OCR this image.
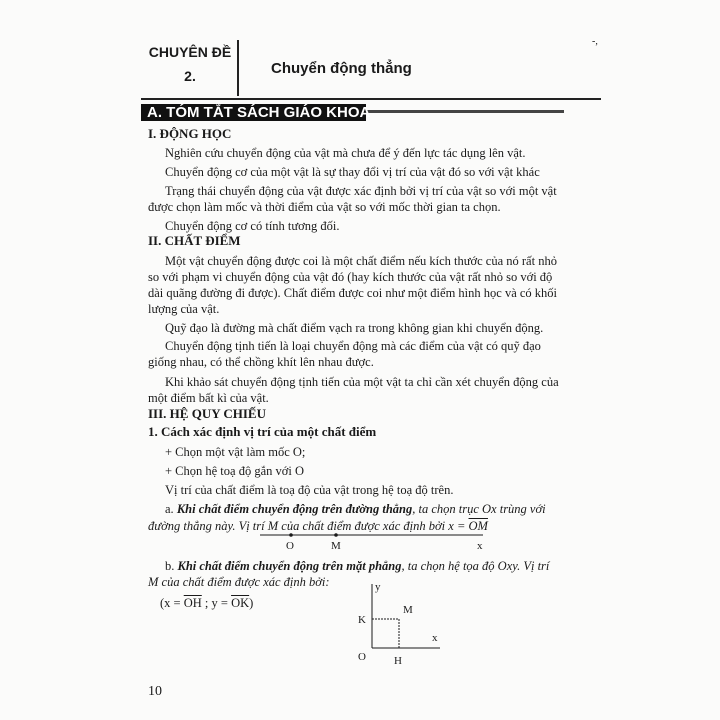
-,
CHUYÊN ĐỀ
2.	Chuyển động thẳng
A. TÓM TẮT SÁCH GIÁO KHOA
I. ĐỘNG HỌC
Nghiên cứu chuyển động của vật mà chưa để ý đến lực tác dụng lên vật.
Chuyển động cơ của một vật là sự thay đổi vị trí của vật đó so với vật khác
Trạng thái chuyển động của vật được xác định bởi vị trí của vật so với một vật
được chọn làm mốc và thời điểm của vật so với mốc thời gian ta chọn.
Chuyển động cơ có tính tương đối.
II. CHẤT ĐIỂM
Một vật chuyển động được coi là một chất điểm nếu kích thước của nó rất nhỏ
so với phạm vi chuyển động của vật đó (hay kích thước của vật rất nhỏ so với độ
dài quãng đường đi được). Chất điểm được coi như một điểm hình học và có khối
lượng của vật.
Quỹ đạo là đường mà chất điểm vạch ra trong không gian khi chuyển động.
Chuyển động tịnh tiến là loại chuyển động mà các điểm của vật có quỹ đạo
giống nhau, có thể chồng khít lên nhau được.
Khi khảo sát chuyển động tịnh tiến của một vật ta chỉ cần xét chuyển động của
một điểm bất kì của vật.
III. HỆ QUY CHIẾU
1. Cách xác định vị trí của một chất điểm
+ Chọn một vật làm mốc O;
+ Chọn hệ toạ độ gắn với O
Vị trí của chất điểm là toạ độ của vật trong hệ toạ độ trên.
a. Khi chất điểm chuyển động trên đường thẳng, ta chọn trục Ox trùng với
đường thẳng này. Vị trí M của chất điểm được xác định bởi $x = \overline{OM}$
O	M	x
b. Khi chất điểm chuyển động trên mặt phẳng, ta chọn hệ tọa độ Oxy. Vị trí
M của chất điểm được xác định bởi:
($x = \overline{OH}$ ; $y = \overline{OK}$)
y
M
K
x
O	H
10
